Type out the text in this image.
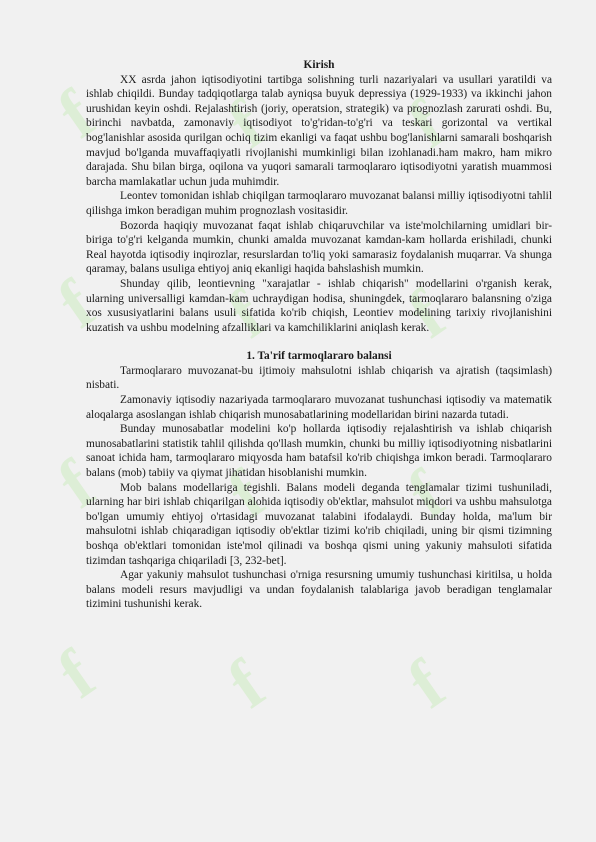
f f f
f f f
f f f
f f f
Kirish

XX asrda jahon iqtisodiyotini tartibga solishning turli nazariyalari va usullari yaratildi va ishlab chiqildi. Bunday tadqiqotlarga talab ayniqsa buyuk depressiya (1929-1933) va ikkinchi jahon urushidan keyin oshdi. Rejalashtirish (joriy, operatsion, strategik) va prognozlash zarurati oshdi. Bu, birinchi navbatda, zamonaviy iqtisodiyot to'g'ridan-to'g'ri va teskari gorizontal va vertikal bog'lanishlar asosida qurilgan ochiq tizim ekanligi va faqat ushbu bog'lanishlarni samarali boshqarish mavjud bo'lganda muvaffaqiyatli rivojlanishi mumkinligi bilan izohlanadi.ham makro, ham mikro darajada. Shu bilan birga, oqilona va yuqori samarali tarmoqlararo iqtisodiyotni yaratish muammosi barcha mamlakatlar uchun juda muhimdir.

Leontev tomonidan ishlab chiqilgan tarmoqlararo muvozanat balansi milliy iqtisodiyotni tahlil qilishga imkon beradigan muhim prognozlash vositasidir.

Bozorda haqiqiy muvozanat faqat ishlab chiqaruvchilar va iste'molchilarning umidlari bir-biriga to'g'ri kelganda mumkin, chunki amalda muvozanat kamdan-kam hollarda erishiladi, chunki Real hayotda iqtisodiy inqirozlar, resurslardan to'liq yoki samarasiz foydalanish muqarrar. Va shunga qaramay, balans usuliga ehtiyoj aniq ekanligi haqida bahslashish mumkin.

Shunday qilib, leontievning "xarajatlar - ishlab chiqarish" modellarini o'rganish kerak, ularning universalligi kamdan-kam uchraydigan hodisa, shuningdek, tarmoqlararo balansning o'ziga xos xususiyatlarini balans usuli sifatida ko'rib chiqish, Leontiev modelining tarixiy rivojlanishini kuzatish va ushbu modelning afzalliklari va kamchiliklarini aniqlash kerak.

1. Ta'rif tarmoqlararo balansi

Tarmoqlararo muvozanat-bu ijtimoiy mahsulotni ishlab chiqarish va ajratish (taqsimlash) nisbati.

Zamonaviy iqtisodiy nazariyada tarmoqlararo muvozanat tushunchasi iqtisodiy va matematik aloqalarga asoslangan ishlab chiqarish munosabatlarining modellaridan birini nazarda tutadi.

Bunday munosabatlar modelini ko'p hollarda iqtisodiy rejalashtirish va ishlab chiqarish munosabatlarini statistik tahlil qilishda qo'llash mumkin, chunki bu milliy iqtisodiyotning nisbatlarini sanoat ichida ham, tarmoqlararo miqyosda ham batafsil ko'rib chiqishga imkon beradi. Tarmoqlararo balans (mob) tabiiy va qiymat jihatidan hisoblanishi mumkin.

Mob balans modellariga tegishli. Balans modeli deganda tenglamalar tizimi tushuniladi, ularning har biri ishlab chiqarilgan alohida iqtisodiy ob'ektlar, mahsulot miqdori va ushbu mahsulotga bo'lgan umumiy ehtiyoj o'rtasidagi muvozanat talabini ifodalaydi. Bunday holda, ma'lum bir mahsulotni ishlab chiqaradigan iqtisodiy ob'ektlar tizimi ko'rib chiqiladi, uning bir qismi tizimning boshqa ob'ektlari tomonidan iste'mol qilinadi va boshqa qismi uning yakuniy mahsuloti sifatida tizimdan tashqariga chiqariladi [3, 232-bet].

Agar yakuniy mahsulot tushunchasi o'rniga resursning umumiy tushunchasi kiritilsa, u holda balans modeli resurs mavjudligi va undan foydalanish talablariga javob beradigan tenglamalar tizimini tushunishi kerak.
